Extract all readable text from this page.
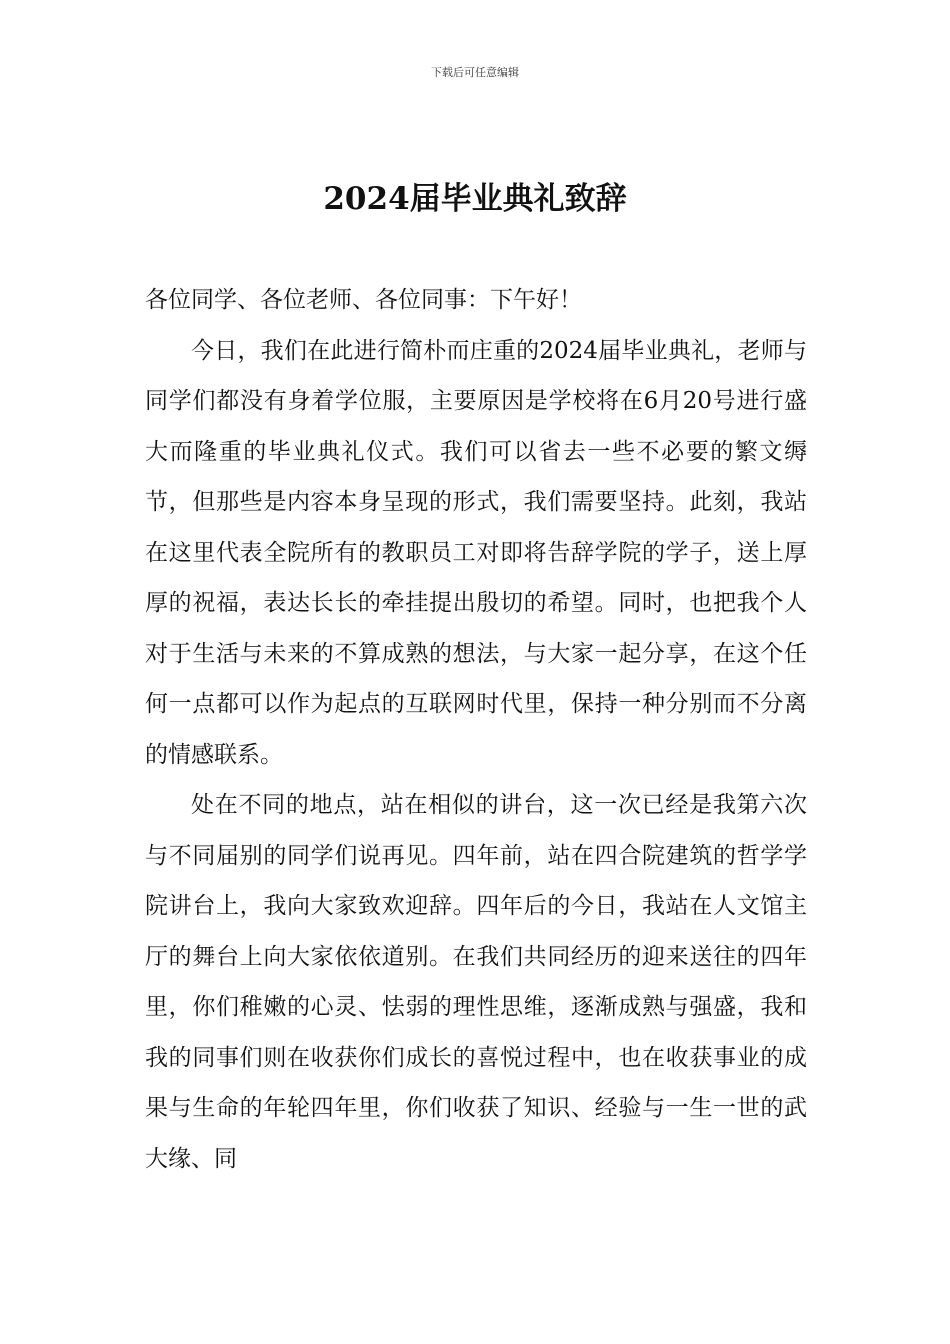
下载后可任意编辑
2024届毕业典礼致辞

各位同学、各位老师、各位同事：下午好！

今日，我们在此进行简朴而庄重的2024届毕业典礼，老师与同学们都没有身着学位服，主要原因是学校将在6月20号进行盛大而隆重的毕业典礼仪式。我们可以省去一些不必要的繁文缛节，但那些是内容本身呈现的形式，我们需要坚持。此刻，我站在这里代表全院所有的教职员工对即将告辞学院的学子，送上厚厚的祝福，表达长长的牵挂提出殷切的希望。同时，也把我个人对于生活与未来的不算成熟的想法，与大家一起分享，在这个任何一点都可以作为起点的互联网时代里，保持一种分别而不分离的情感联系。

处在不同的地点，站在相似的讲台，这一次已经是我第六次与不同届别的同学们说再见。四年前，站在四合院建筑的哲学学院讲台上，我向大家致欢迎辞。四年后的今日，我站在人文馆主厅的舞台上向大家依依道别。在我们共同经历的迎来送往的四年里，你们稚嫩的心灵、怯弱的理性思维，逐渐成熟与强盛，我和我的同事们则在收获你们成长的喜悦过程中，也在收获事业的成果与生命的年轮四年里，你们收获了知识、经验与一生一世的武大缘、同
